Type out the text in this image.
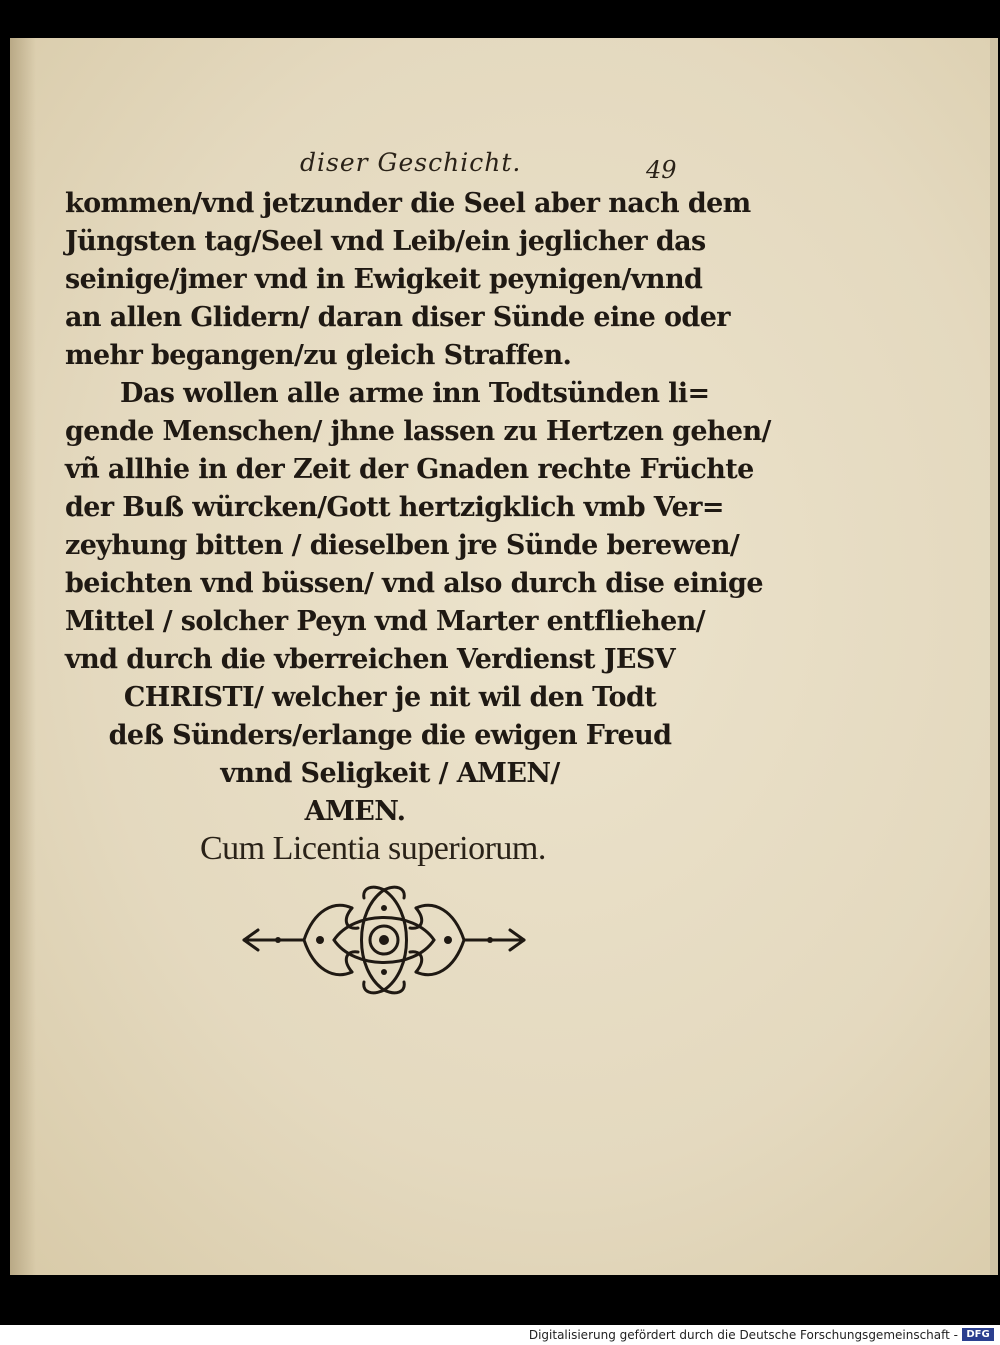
diser Geschicht.	49
kommen/vnd jetzunder die Seel aber nach dem
Jüngsten tag/Seel vnd Leib/ein jeglicher das
seinige/jmer vnd in Ewigkeit peynigen/vnnd
an allen Glidern/ daran diser Sünde eine oder
mehr begangen/zu gleich Straffen.
Das wollen alle arme inn Todtsünden li=
gende Menschen/ jhne lassen zu Hertzen gehen/
vñ allhie in der Zeit der Gnaden rechte Früchte
der Buß würcken/Gott hertzigklich vmb Ver=
zeyhung bitten / dieselben jre Sünde berewen/
beichten vnd büssen/ vnd also durch dise einige
Mittel / solcher Peyn vnd Marter entfliehen/
vnd durch die vberreichen Verdienst JESV
CHRISTI/ welcher je nit wil den Todt
deß Sünders/erlange die ewigen Freud
vnnd Seligkeit / AMEN/
AMEN.
Cum Licentia superiorum.
Digitalisierung gefördert durch die Deutsche Forschungsgemeinschaft - DFG
